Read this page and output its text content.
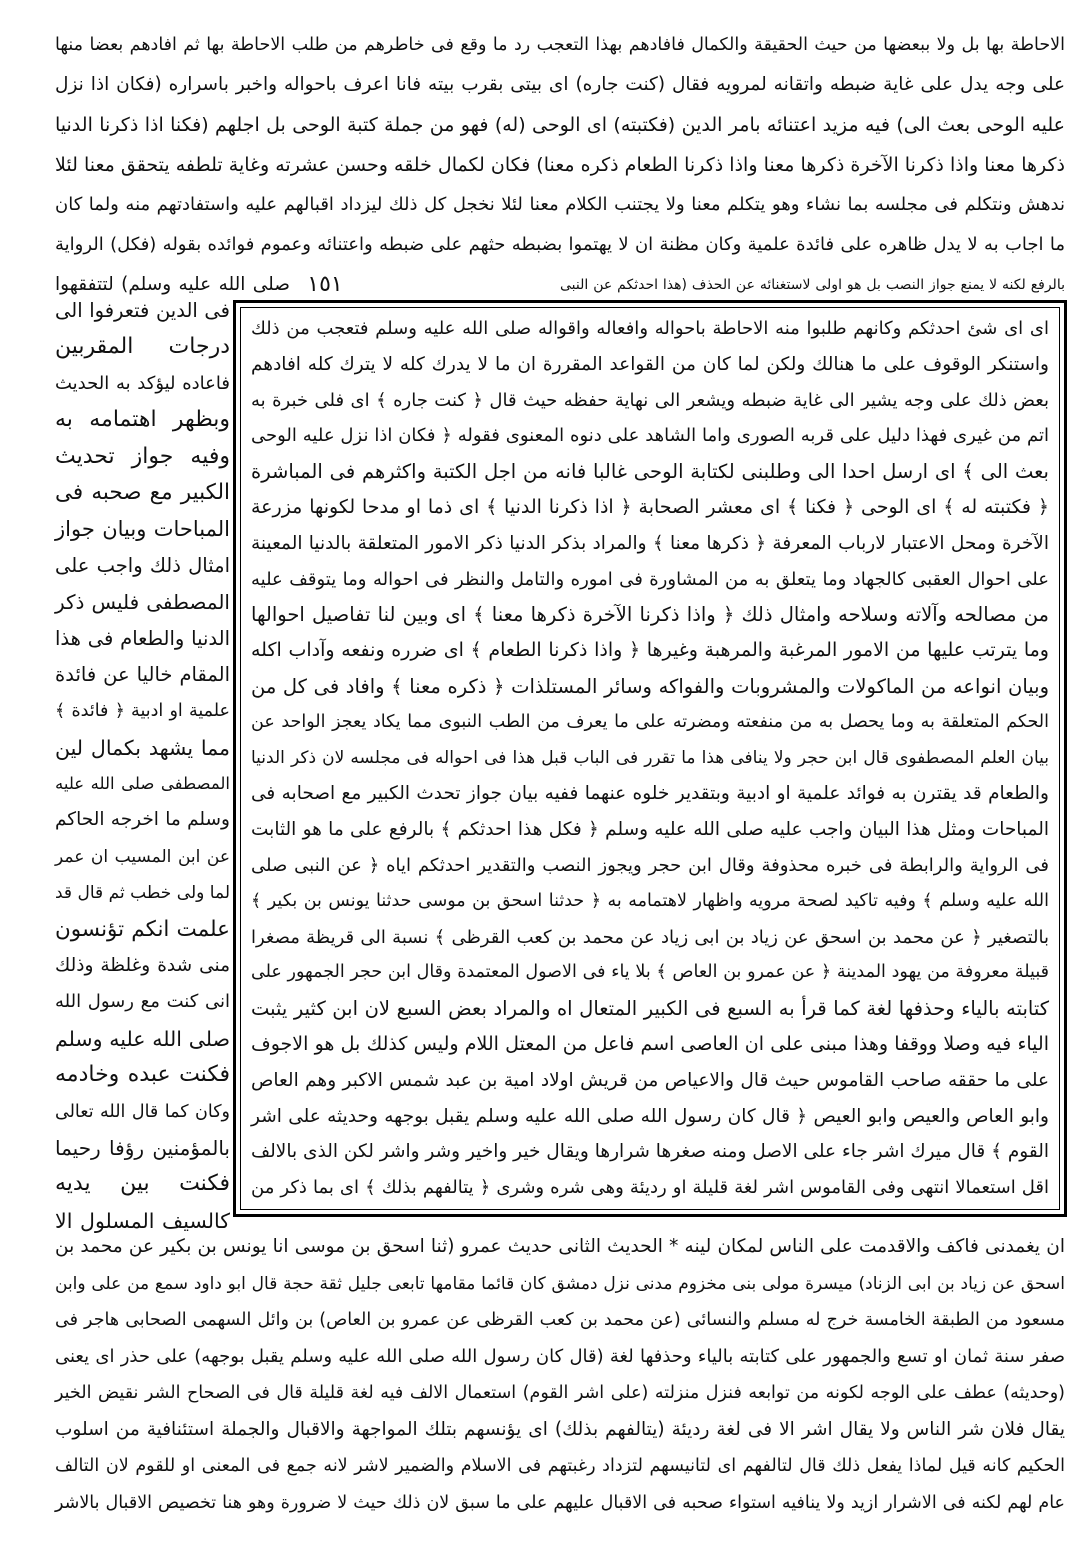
الاحاطة بها بل ولا ببعضها من حيث الحقيقة والكمال فافادهم بهذا التعجب رد ما وقع فى خاطرهم من طلب الاحاطة بها ثم افادهم بعضا منها
على وجه يدل على غاية ضبطه واتقانه لمرويه فقال (كنت جاره) اى بيتى بقرب بيته فانا اعرف باحواله واخبر باسراره (فكان اذا نزل
عليه الوحى بعث الى) فيه مزيد اعتنائه بامر الدين (فكتبته) اى الوحى (له) فهو من جملة كتبة الوحى بل اجلهم (فكنا اذا ذكرنا الدنيا
ذكرها معنا واذا ذكرنا الآخرة ذكرها معنا واذا ذكرنا الطعام ذكره معنا) فكان لكمال خلقه وحسن عشرته وغاية تلطفه يتحقق معنا لئلا
ندهش ونتكلم فى مجلسه بما نشاء وهو يتكلم معنا ولا يجتنب الكلام معنا لئلا نخجل كل ذلك ليزداد اقبالهم عليه واستفادتهم منه ولما كان
ما اجاب به لا يدل ظاهره على فائدة علمية وكان مظنة ان لا يهتموا بضبطه حثهم على ضبطه واعتنائه وعموم فوائده بقوله (فكل) الرواية
بالرفع لكنه لا يمنع جواز النصب بل هو اولى لاستغنائه عن الحذف (هذا احدثكم عن النبى
١٥١
صلى الله عليه وسلم) لتتفقهوا
اى اى شئ احدثكم وكانهم طلبوا منه الاحاطة باحواله وافعاله واقواله صلى الله عليه وسلم فتعجب من ذلك
واستنكر الوقوف على ما هنالك ولكن لما كان من القواعد المقررة ان ما لا يدرك كله لا يترك كله افادهم
بعض ذلك على وجه يشير الى غاية ضبطه ويشعر الى نهاية حفظه حيث قال ﴿ كنت جاره ﴾ اى فلى خبرة به
اتم من غيرى فهذا دليل على قربه الصورى واما الشاهد على دنوه المعنوى فقوله ﴿ فكان اذا نزل عليه الوحى
بعث الى ﴾ اى ارسل احدا الى وطلبنى لكتابة الوحى غالبا فانه من اجل الكتبة واكثرهم فى المباشرة
﴿ فكتبته له ﴾ اى الوحى ﴿ فكنا ﴾ اى معشر الصحابة ﴿ اذا ذكرنا الدنيا ﴾ اى ذما او مدحا لكونها مزرعة
الآخرة ومحل الاعتبار لارباب المعرفة ﴿ ذكرها معنا ﴾ والمراد بذكر الدنيا ذكر الامور المتعلقة بالدنيا المعينة
على احوال العقبى كالجهاد وما يتعلق به من المشاورة فى اموره والتامل والنظر فى احواله وما يتوقف عليه
من مصالحه وآلاته وسلاحه وامثال ذلك ﴿ واذا ذكرنا الآخرة ذكرها معنا ﴾ اى وبين لنا تفاصيل احوالها
وما يترتب عليها من الامور المرغبة والمرهبة وغيرها ﴿ واذا ذكرنا الطعام ﴾ اى ضرره ونفعه وآداب اكله
وبيان انواعه من الماكولات والمشروبات والفواكه وسائر المستلذات ﴿ ذكره معنا ﴾ وافاد فى كل من
الحكم المتعلقة به وما يحصل به من منفعته ومضرته على ما يعرف من الطب النبوى مما يكاد يعجز الواحد عن
بيان العلم المصطفوى قال ابن حجر ولا ينافى هذا ما تقرر فى الباب قبل هذا فى احواله فى مجلسه لان ذكر الدنيا
والطعام قد يقترن به فوائد علمية او ادبية وبتقدير خلوه عنهما ففيه بيان جواز تحدث الكبير مع اصحابه فى
المباحات ومثل هذا البيان واجب عليه صلى الله عليه وسلم ﴿ فكل هذا احدثكم ﴾ بالرفع على ما هو الثابت
فى الرواية والرابطة فى خبره محذوفة وقال ابن حجر ويجوز النصب والتقدير احدثكم اياه ﴿ عن النبى صلى
الله عليه وسلم ﴾ وفيه تاكيد لصحة مرويه واظهار لاهتمامه به ﴿ حدثنا اسحق بن موسى حدثنا يونس بن بكير ﴾
بالتصغير ﴿ عن محمد بن اسحق عن زياد بن ابى زياد عن محمد بن كعب القرظى ﴾ نسبة الى قريظة مصغرا
قبيلة معروفة من يهود المدينة ﴿ عن عمرو بن العاص ﴾ بلا ياء فى الاصول المعتمدة وقال ابن حجر الجمهور على
كتابته بالياء وحذفها لغة كما قرأ به السبع فى الكبير المتعال اه والمراد بعض السبع لان ابن كثير يثبت
الياء فيه وصلا ووقفا وهذا مبنى على ان العاصى اسم فاعل من المعتل اللام وليس كذلك بل هو الاجوف
على ما حققه صاحب القاموس حيث قال والاعياص من قريش اولاد امية بن عبد شمس الاكبر وهم العاص
وابو العاص والعيص وابو العيص ﴿ قال كان رسول الله صلى الله عليه وسلم يقبل بوجهه وحديثه على اشر
القوم ﴾ قال ميرك اشر جاء على الاصل ومنه صغرها شرارها ويقال خير واخير وشر واشر لكن الذى بالالف
اقل استعمالا انتهى وفى القاموس اشر لغة قليلة او رديئة وهى شره وشرى ﴿ يتالفهم بذلك ﴾ اى بما ذكر من
فى الدين فتعرفوا الى
درجات المقربين
فاعاده ليؤكد به الحديث
وبظهر اهتمامه به
وفيه جواز تحديث
الكبير مع صحبه فى
المباحات وبيان جواز
امثال ذلك واجب على
المصطفى فليس ذكر
الدنيا والطعام فى هذا
المقام خاليا عن فائدة
علمية او ادبية ﴿ فائدة ﴾
مما يشهد بكمال لين
المصطفى صلى الله عليه
وسلم ما اخرجه الحاكم
عن ابن المسيب ان عمر
لما ولى خطب ثم قال قد
علمت انكم تؤنسون
منى شدة وغلظة وذلك
انى كنت مع رسول الله
صلى الله عليه وسلم
فكنت عبده وخادمه
وكان كما قال الله تعالى
بالمؤمنين رؤفا رحيما
فكنت بين يديه
كالسيف المسلول الا
ان يغمدنى فاكف والاقدمت على الناس لمكان لينه * الحديث الثانى حديث عمرو (ثنا اسحق بن موسى انا يونس بن بكير عن محمد بن
اسحق عن زياد بن ابى الزناد) ميسرة مولى بنى مخزوم مدنى نزل دمشق كان قائما مقامها تابعى جليل ثقة حجة قال ابو داود سمع من على وابن
مسعود من الطبقة الخامسة خرج له مسلم والنسائى (عن محمد بن كعب القرظى عن عمرو بن العاص) بن وائل السهمى الصحابى هاجر فى
صفر سنة ثمان او تسع والجمهور على كتابته بالياء وحذفها لغة (قال كان رسول الله صلى الله عليه وسلم يقبل بوجهه) على حذر اى يعنى
(وحديثه) عطف على الوجه لكونه من توابعه فنزل منزلته (على اشر القوم) استعمال الالف فيه لغة قليلة قال فى الصحاح الشر نقيض الخير
يقال فلان شر الناس ولا يقال اشر الا فى لغة رديئة (يتالفهم بذلك) اى يؤنسهم بتلك المواجهة والاقبال والجملة استئنافية من اسلوب
الحكيم كانه قيل لماذا يفعل ذلك قال لتالفهم اى لتانيسهم لتزداد رغبتهم فى الاسلام والضمير لاشر لانه جمع فى المعنى او للقوم لان التالف
عام لهم لكنه فى الاشرار ازيد ولا ينافيه استواء صحبه فى الاقبال عليهم على ما سبق لان ذلك حيث لا ضرورة وهو هنا تخصيص الاقبال بالاشر
